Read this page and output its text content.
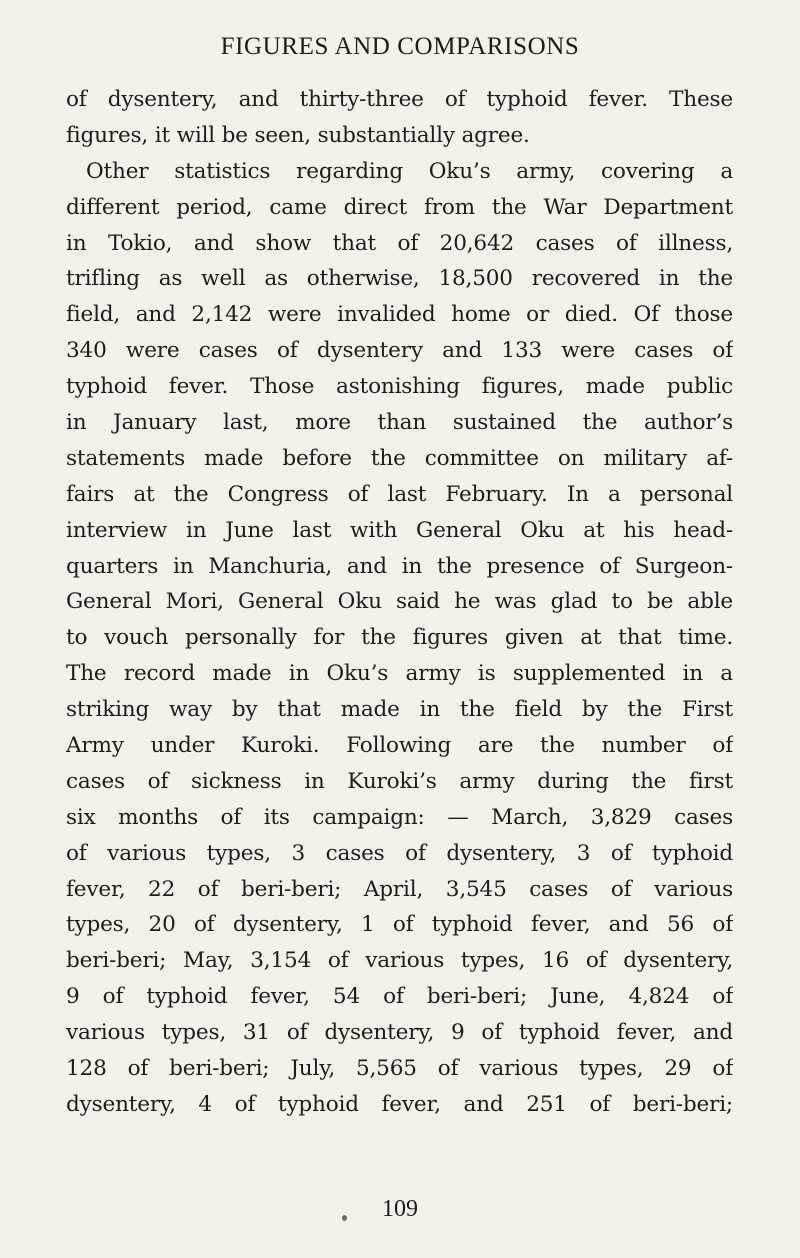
FIGURES AND COMPARISONS
of dysentery, and thirty-three of typhoid fever. These
figures, it will be seen, substantially agree.
Other statistics regarding Oku’s army, covering a
different period, came direct from the War Department
in Tokio, and show that of 20,642 cases of illness,
trifling as well as otherwise, 18,500 recovered in the
field, and 2,142 were invalided home or died. Of those
340 were cases of dysentery and 133 were cases of
typhoid fever. Those astonishing figures, made public
in January last, more than sustained the author’s
statements made before the committee on military af-
fairs at the Congress of last February. In a personal
interview in June last with General Oku at his head-
quarters in Manchuria, and in the presence of Surgeon-
General Mori, General Oku said he was glad to be able
to vouch personally for the figures given at that time.
The record made in Oku’s army is supplemented in a
striking way by that made in the field by the First
Army under Kuroki. Following are the number of
cases of sickness in Kuroki’s army during the first
six months of its campaign: — March, 3,829 cases
of various types, 3 cases of dysentery, 3 of typhoid
fever, 22 of beri-beri; April, 3,545 cases of various
types, 20 of dysentery, 1 of typhoid fever, and 56 of
beri-beri; May, 3,154 of various types, 16 of dysentery,
9 of typhoid fever, 54 of beri-beri; June, 4,824 of
various types, 31 of dysentery, 9 of typhoid fever, and
128 of beri-beri; July, 5,565 of various types, 29 of
dysentery, 4 of typhoid fever, and 251 of beri-beri;
109
